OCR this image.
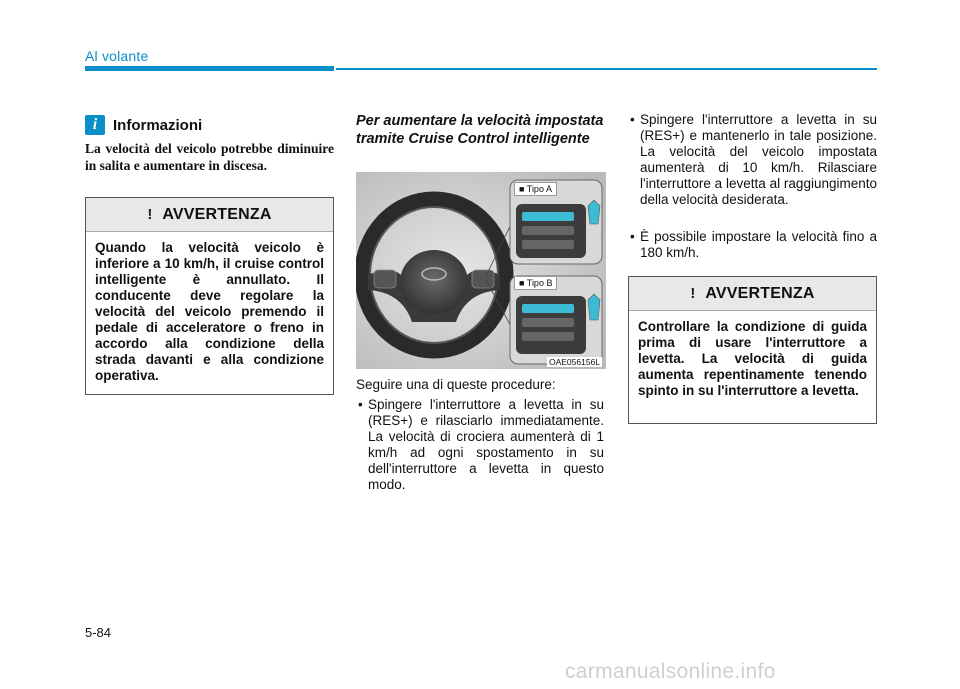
Al volante
i	Informazioni
La velocità del veicolo potrebbe diminuire in salita e aumentare in discesa.
! AVVERTENZA
Quando la velocità veicolo è inferiore a 10 km/h, il cruise control intelligente è annullato. Il conducente deve regolare la velocità del veicolo premendo il pedale di acceleratore o freno in accordo alla condizione della strada davanti e alla condizione operativa.
Per aumentare la velocità impostata tramite Cruise Control intelligente
■ Tipo A
■ Tipo B
OAE056156L
Seguire una di queste procedure:
• Spingere l'interruttore a levetta in su (RES+) e rilasciarlo immediatamente. La velocità di crociera aumenterà di 1 km/h ad ogni spostamento in su dell'interruttore a levetta in questo modo.
• Spingere l'interruttore a levetta in su (RES+) e mantenerlo in tale posizione. La velocità del veicolo impostata aumenterà di 10 km/h. Rilasciare l'interruttore a levetta al raggiungimento della velocità desiderata.
• È possibile impostare la velocità fino a 180 km/h.
! AVVERTENZA
Controllare la condizione di guida prima di usare l'interruttore a levetta. La velocità di guida aumenta repentinamente tenendo spinto in su l'interruttore a levetta.
5-84
carmanualsonline.info
